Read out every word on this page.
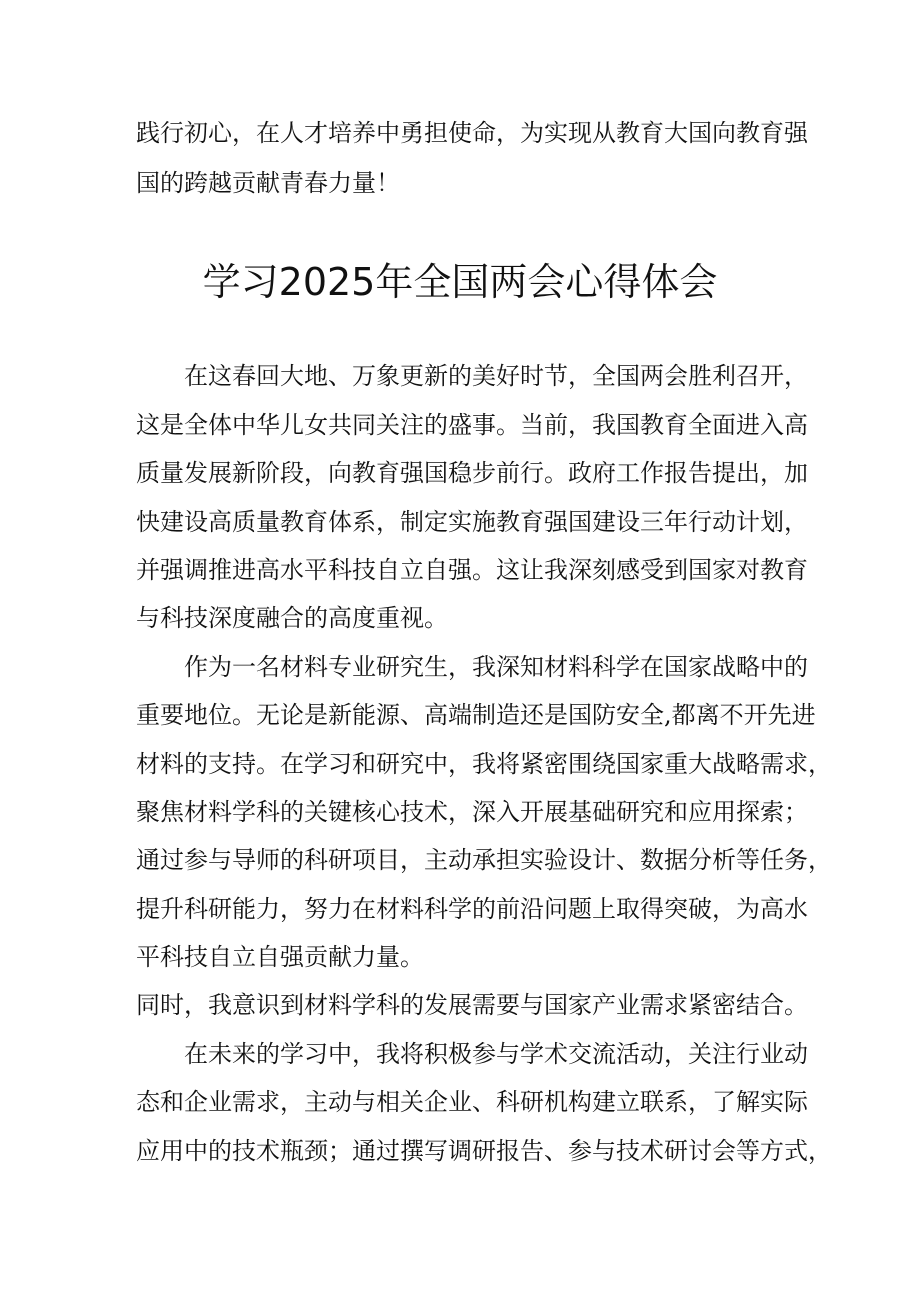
践行初心，在人才培养中勇担使命，为实现从教育大国向教育强

国的跨越贡献青春力量！

学习2025年全国两会心得体会

在这春回大地、万象更新的美好时节，全国两会胜利召开，

这是全体中华儿女共同关注的盛事。当前，我国教育全面进入高

质量发展新阶段，向教育强国稳步前行。政府工作报告提出，加

快建设高质量教育体系，制定实施教育强国建设三年行动计划，

并强调推进高水平科技自立自强。这让我深刻感受到国家对教育

与科技深度融合的高度重视。

作为一名材料专业研究生，我深知材料科学在国家战略中的

重要地位。无论是新能源、高端制造还是国防安全,都离不开先进

材料的支持。在学习和研究中，我将紧密围绕国家重大战略需求，

聚焦材料学科的关键核心技术，深入开展基础研究和应用探索；

通过参与导师的科研项目，主动承担实验设计、数据分析等任务，

提升科研能力，努力在材料科学的前沿问题上取得突破，为高水

平科技自立自强贡献力量。

同时，我意识到材料学科的发展需要与国家产业需求紧密结合。

在未来的学习中，我将积极参与学术交流活动，关注行业动

态和企业需求，主动与相关企业、科研机构建立联系，了解实际

应用中的技术瓶颈；通过撰写调研报告、参与技术研讨会等方式，
